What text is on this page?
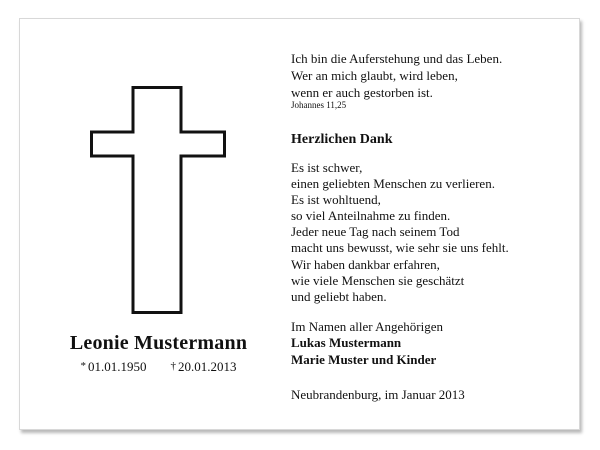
Leonie Mustermann
* 01.01.1950 † 20.01.2013
Ich bin die Auferstehung und das Leben.
Wer an mich glaubt, wird leben,
wenn er auch gestorben ist.
Johannes 11,25
Herzlichen Dank
Es ist schwer,
einen geliebten Menschen zu verlieren.
Es ist wohltuend,
so viel Anteilnahme zu finden.
Jeder neue Tag nach seinem Tod
macht uns bewusst, wie sehr sie uns fehlt.
Wir haben dankbar erfahren,
wie viele Menschen sie geschätzt
und geliebt haben.
Im Namen aller Angehörigen
Lukas Mustermann
Marie Muster und Kinder
Neubrandenburg, im Januar 2013
